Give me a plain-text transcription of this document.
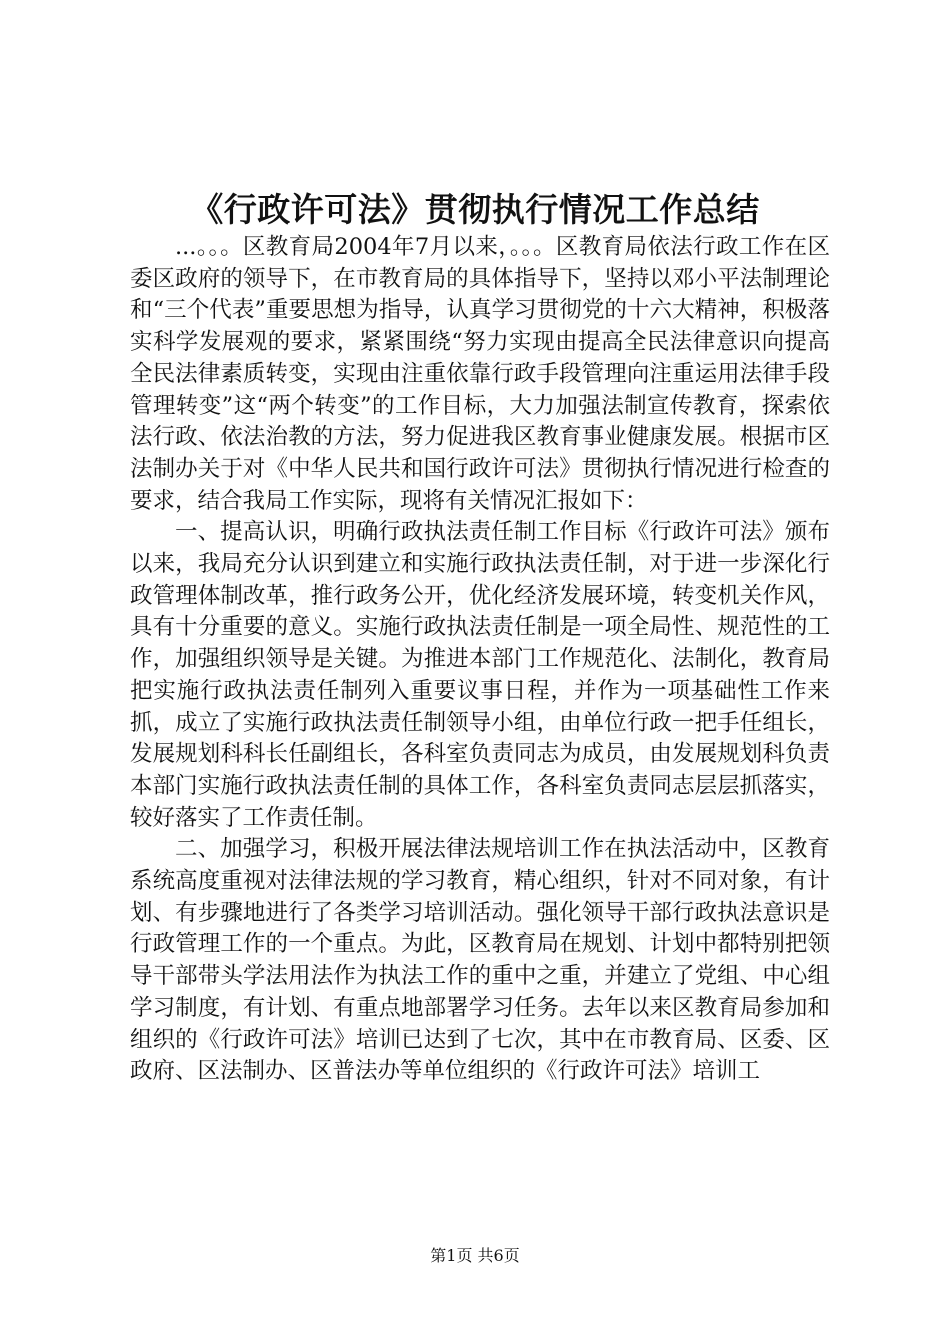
《行政许可法》贯彻执行情况工作总结

...。。。区教育局2004年7月以来，。。。区教育局依法行政工作在区委区政府的领导下，在市教育局的具体指导下，坚持以邓小平法制理论和“三个代表”重要思想为指导，认真学习贯彻党的十六大精神，积极落实科学发展观的要求，紧紧围绕“努力实现由提高全民法律意识向提高全民法律素质转变，实现由注重依靠行政手段管理向注重运用法律手段管理转变”这“两个转变”的工作目标，大力加强法制宣传教育，探索依法行政、依法治教的方法，努力促进我区教育事业健康发展。根据市区法制办关于对《中华人民共和国行政许可法》贯彻执行情况进行检查的要求，结合我局工作实际，现将有关情况汇报如下：

一、提高认识，明确行政执法责任制工作目标《行政许可法》颁布以来，我局充分认识到建立和实施行政执法责任制，对于进一步深化行政管理体制改革，推行政务公开，优化经济发展环境，转变机关作风，具有十分重要的意义。实施行政执法责任制是一项全局性、规范性的工作，加强组织领导是关键。为推进本部门工作规范化、法制化，教育局把实施行政执法责任制列入重要议事日程，并作为一项基础性工作来抓，成立了实施行政执法责任制领导小组，由单位行政一把手任组长，发展规划科科长任副组长，各科室负责同志为成员，由发展规划科负责本部门实施行政执法责任制的具体工作，各科室负责同志层层抓落实，较好落实了工作责任制。

二、加强学习，积极开展法律法规培训工作在执法活动中，区教育系统高度重视对法律法规的学习教育，精心组织，针对不同对象，有计划、有步骤地进行了各类学习培训活动。强化领导干部行政执法意识是行政管理工作的一个重点。为此，区教育局在规划、计划中都特别把领导干部带头学法用法作为执法工作的重中之重，并建立了党组、中心组学习制度，有计划、有重点地部署学习任务。去年以来区教育局参加和组织的《行政许可法》培训已达到了七次，其中在市教育局、区委、区政府、区法制办、区普法办等单位组织的《行政许可法》培训工

第1页 共6页
